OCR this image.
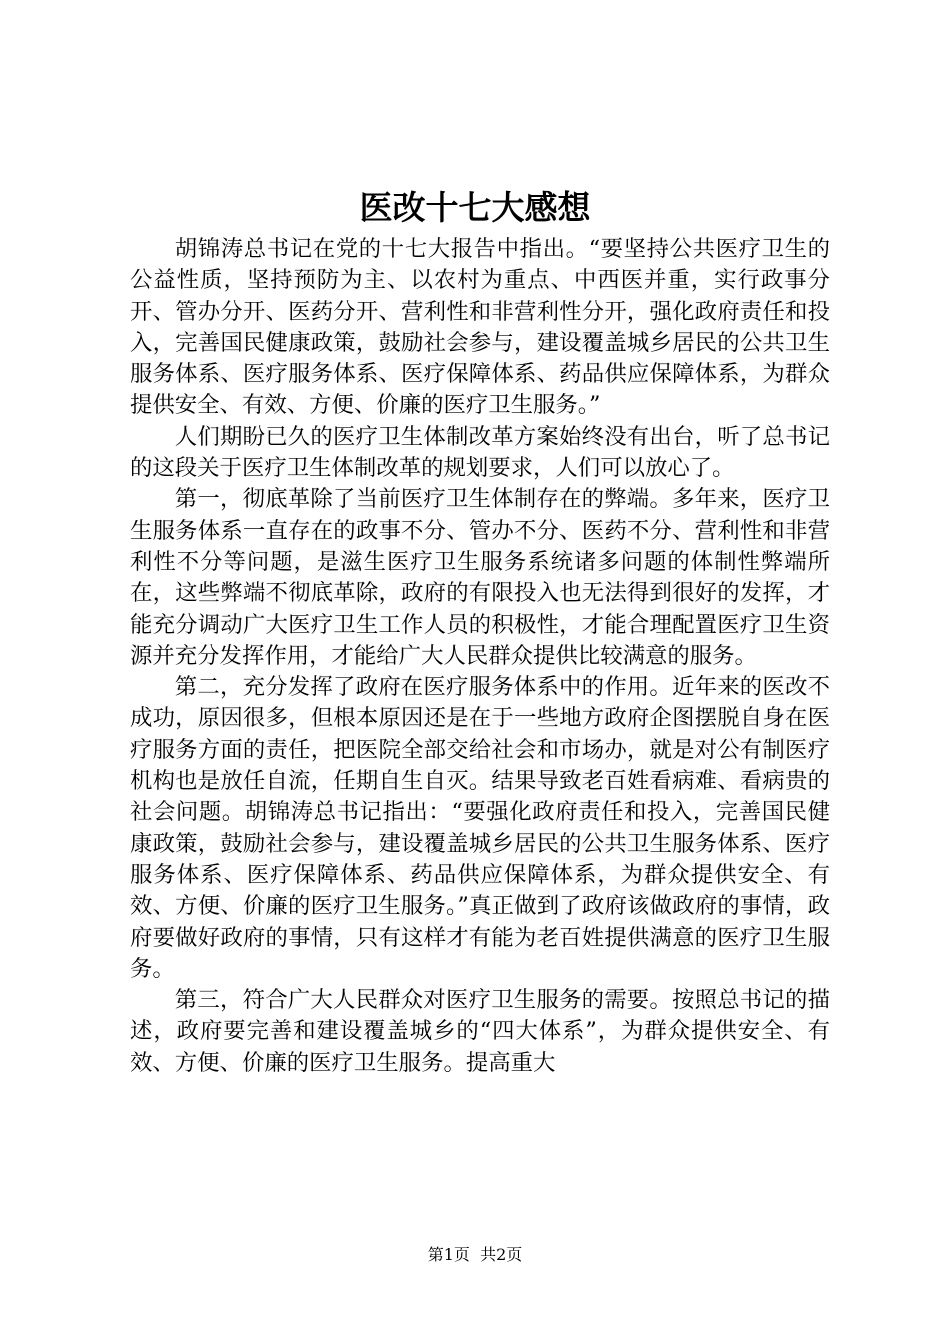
医改十七大感想

胡锦涛总书记在党的十七大报告中指出。“要坚持公共医疗卫生的公益性质，坚持预防为主、以农村为重点、中西医并重，实行政事分开、管办分开、医药分开、营利性和非营利性分开，强化政府责任和投入，完善国民健康政策，鼓励社会参与，建设覆盖城乡居民的公共卫生服务体系、医疗服务体系、医疗保障体系、药品供应保障体系，为群众提供安全、有效、方便、价廉的医疗卫生服务。”

人们期盼已久的医疗卫生体制改革方案始终没有出台，听了总书记的这段关于医疗卫生体制改革的规划要求，人们可以放心了。

第一，彻底革除了当前医疗卫生体制存在的弊端。多年来，医疗卫生服务体系一直存在的政事不分、管办不分、医药不分、营利性和非营利性不分等问题，是滋生医疗卫生服务系统诸多问题的体制性弊端所在，这些弊端不彻底革除，政府的有限投入也无法得到很好的发挥，才能充分调动广大医疗卫生工作人员的积极性，才能合理配置医疗卫生资源并充分发挥作用，才能给广大人民群众提供比较满意的服务。

第二，充分发挥了政府在医疗服务体系中的作用。近年来的医改不成功，原因很多，但根本原因还是在于一些地方政府企图摆脱自身在医疗服务方面的责任，把医院全部交给社会和市场办，就是对公有制医疗机构也是放任自流，任期自生自灭。结果导致老百姓看病难、看病贵的社会问题。胡锦涛总书记指出：“要强化政府责任和投入，完善国民健康政策，鼓励社会参与，建设覆盖城乡居民的公共卫生服务体系、医疗服务体系、医疗保障体系、药品供应保障体系，为群众提供安全、有效、方便、价廉的医疗卫生服务。”真正做到了政府该做政府的事情，政府要做好政府的事情，只有这样才有能为老百姓提供满意的医疗卫生服务。

第三，符合广大人民群众对医疗卫生服务的需要。按照总书记的描述，政府要完善和建设覆盖城乡的“四大体系”，为群众提供安全、有效、方便、价廉的医疗卫生服务。提高重大

第1页 共2页
